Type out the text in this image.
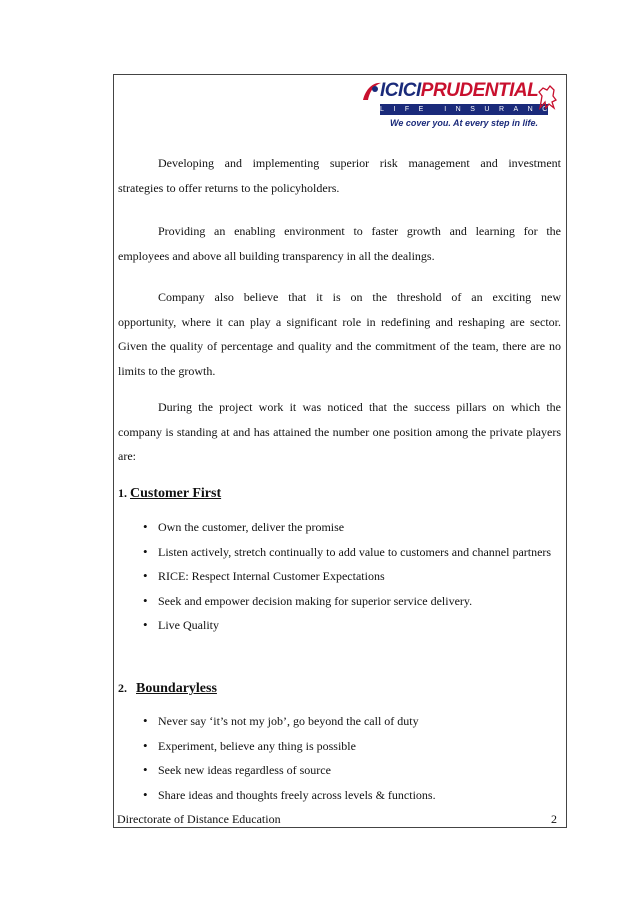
ICICIPRUDENTIAL
LIFE INSURANCE
We cover you. At every step in life.
Developing and implementing superior risk management and investment
strategies to offer returns to the policyholders.
Providing an enabling environment to faster growth and learning for the
employees and above all building transparency in all the dealings.
Company also believe that it is on the threshold of an exciting new
opportunity, where it can play a significant role in redefining and reshaping are sector. Given the quality of percentage and quality and the commitment of the team, there are no limits to the growth.
During the project work it was noticed that the success pillars on which the
company is standing at and has attained the number one position among the private players are:
1. Customer First
• Own the customer, deliver the promise
• Listen actively, stretch continually to add value to customers and channel partners
• RICE: Respect Internal Customer Expectations
• Seek and empower decision making for superior service delivery.
• Live Quality
2. Boundaryless
• Never say ‘it’s not my job’, go beyond the call of duty
• Experiment, believe any thing is possible
• Seek new ideas regardless of source
• Share ideas and thoughts freely across levels & functions.
Directorate of Distance Education	2
